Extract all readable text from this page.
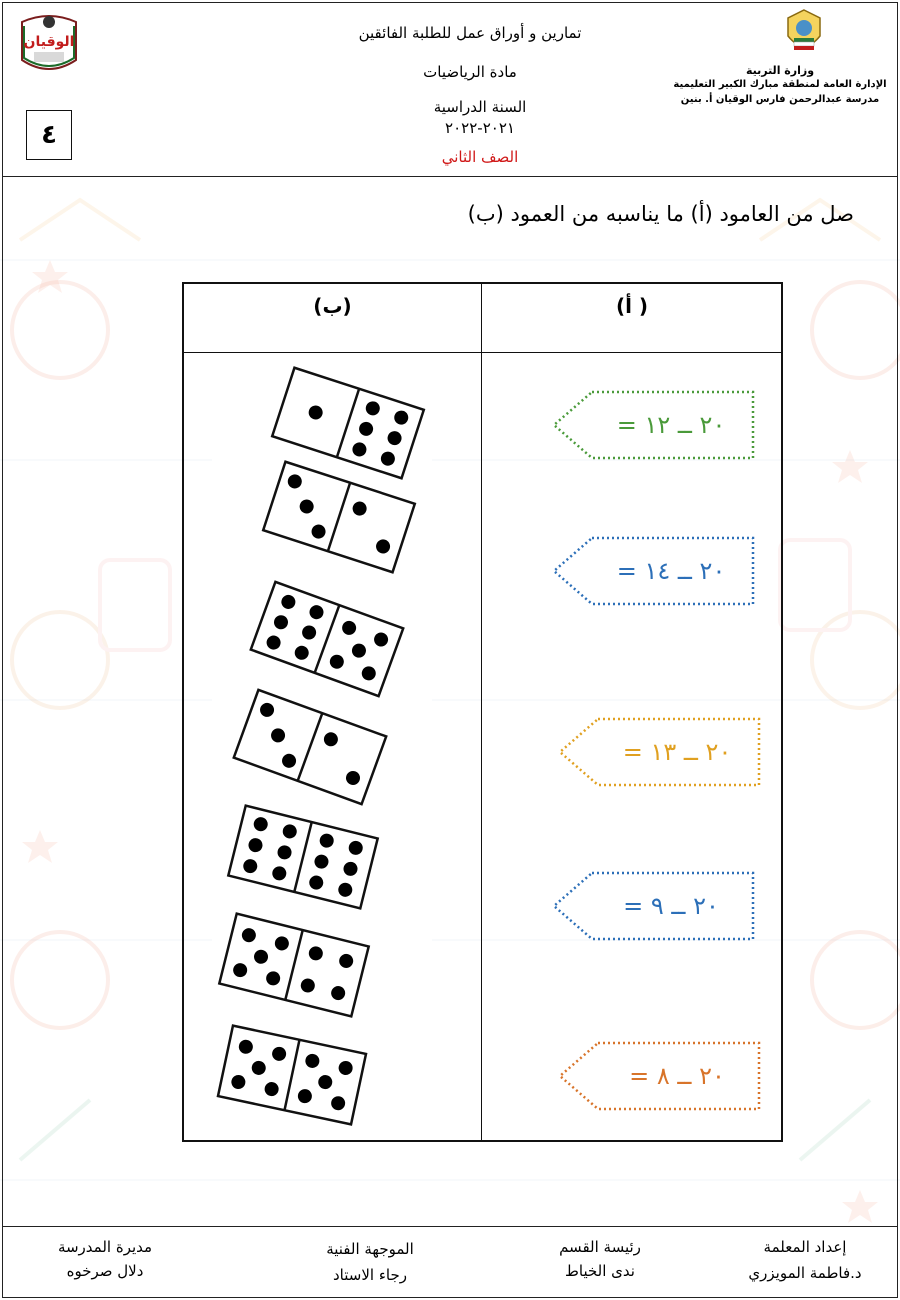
الوقيان
٤
تمارين و أوراق عمل للطلبة الفائقين
مادة الرياضيات
السنة الدراسية
٢٠٢١-٢٠٢٢
الصف الثاني
وزارة التربية
الإدارة العامة لمنطقة مبارك الكبير التعليمية
مدرسة عبدالرحمن فارس الوقيان أ. بنين
صل من العامود (أ) ما يناسبه من العمود (ب)
(ب)	( أ)
٢٠ ــ ١٢ =
٢٠ ــ ١٤ =
٢٠ ــ ١٣ =
٢٠ ــ ٩ =
٢٠ ــ ٨ =
إعداد المعلمة
د.فاطمة المويزري
رئيسة القسم
ندى الخياط
الموجهة الفنية
رجاء الاستاد
مديرة المدرسة
دلال صرخوه
